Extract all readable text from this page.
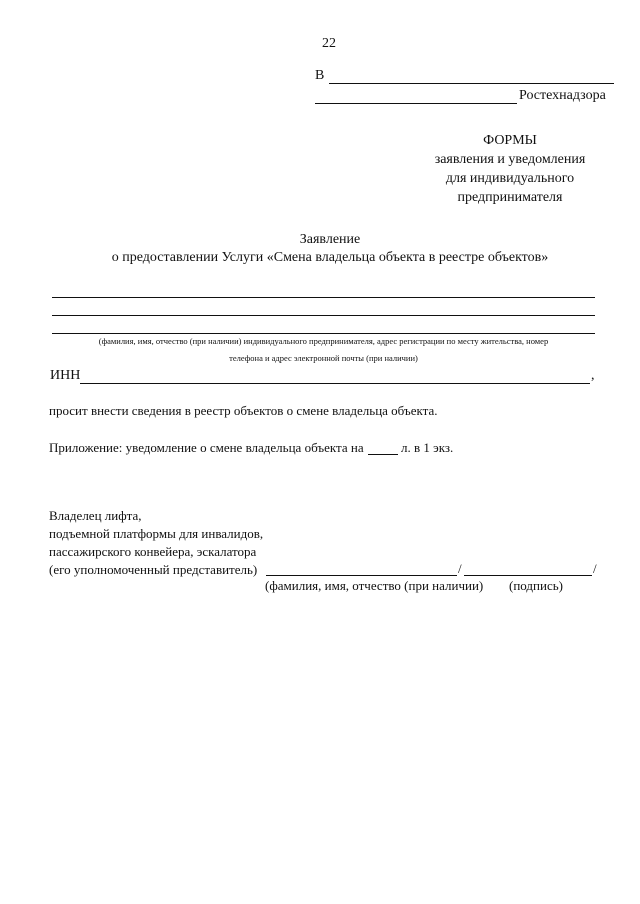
22
В
Ростехнадзора
ФОРМЫ
заявления и уведомления
для индивидуального
предпринимателя
Заявление
о предоставлении Услуги «Смена владельца объекта в реестре объектов»
(фамилия, имя, отчество (при наличии) индивидуального предпринимателя, адрес регистрации по месту жительства, номер
телефона и адрес электронной почты (при наличии)
ИНН	,
просит внести сведения в реестр объектов о смене владельца объекта.
Приложение: уведомление о смене владельца объекта на	л. в 1 экз.
Владелец лифта,
подъемной платформы для инвалидов,
пассажирского конвейера, эскалатора
(его уполномоченный представитель)	/	/
(фамилия, имя, отчество (при наличии) (подпись)
